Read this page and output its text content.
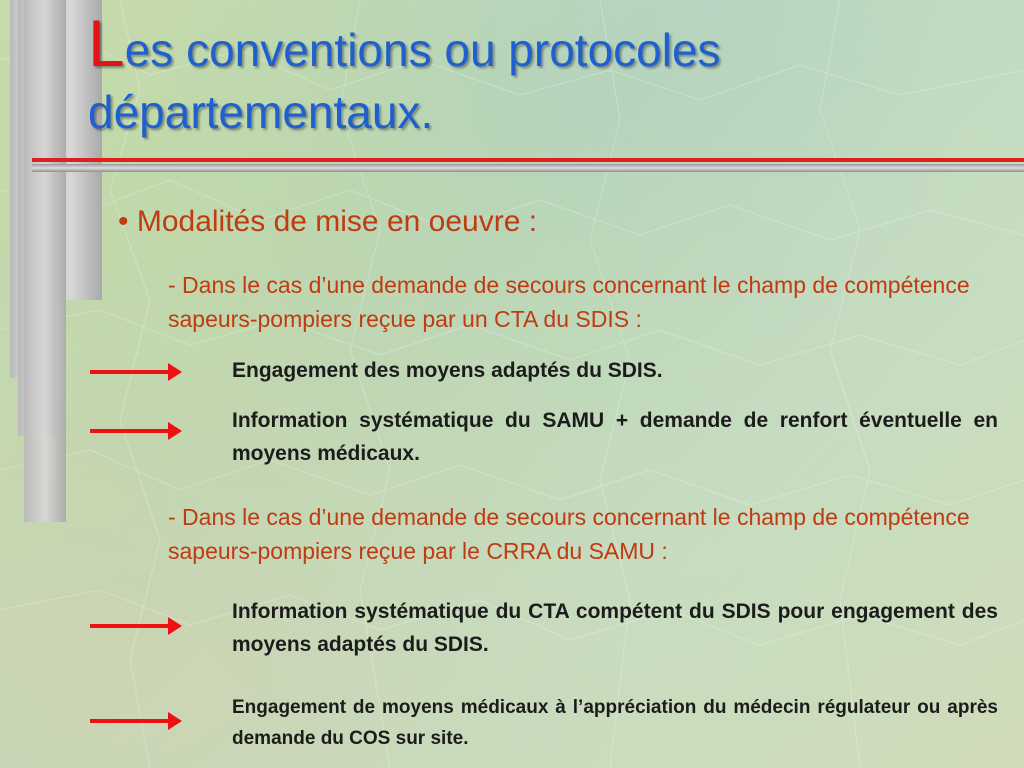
Les conventions ou protocoles
départementaux.
• Modalités de mise en oeuvre :
- Dans le cas d’une demande de secours concernant le champ de compétence sapeurs-pompiers reçue par un CTA du SDIS :
Engagement des moyens adaptés du SDIS.
Information systématique du SAMU + demande de renfort éventuelle en moyens médicaux.
- Dans le cas d’une demande de secours concernant le champ de compétence sapeurs-pompiers reçue par le CRRA du SAMU :
Information systématique du CTA compétent du SDIS pour engagement des moyens adaptés du SDIS.
Engagement de moyens médicaux à l’appréciation du médecin régulateur ou après demande du COS sur site.
